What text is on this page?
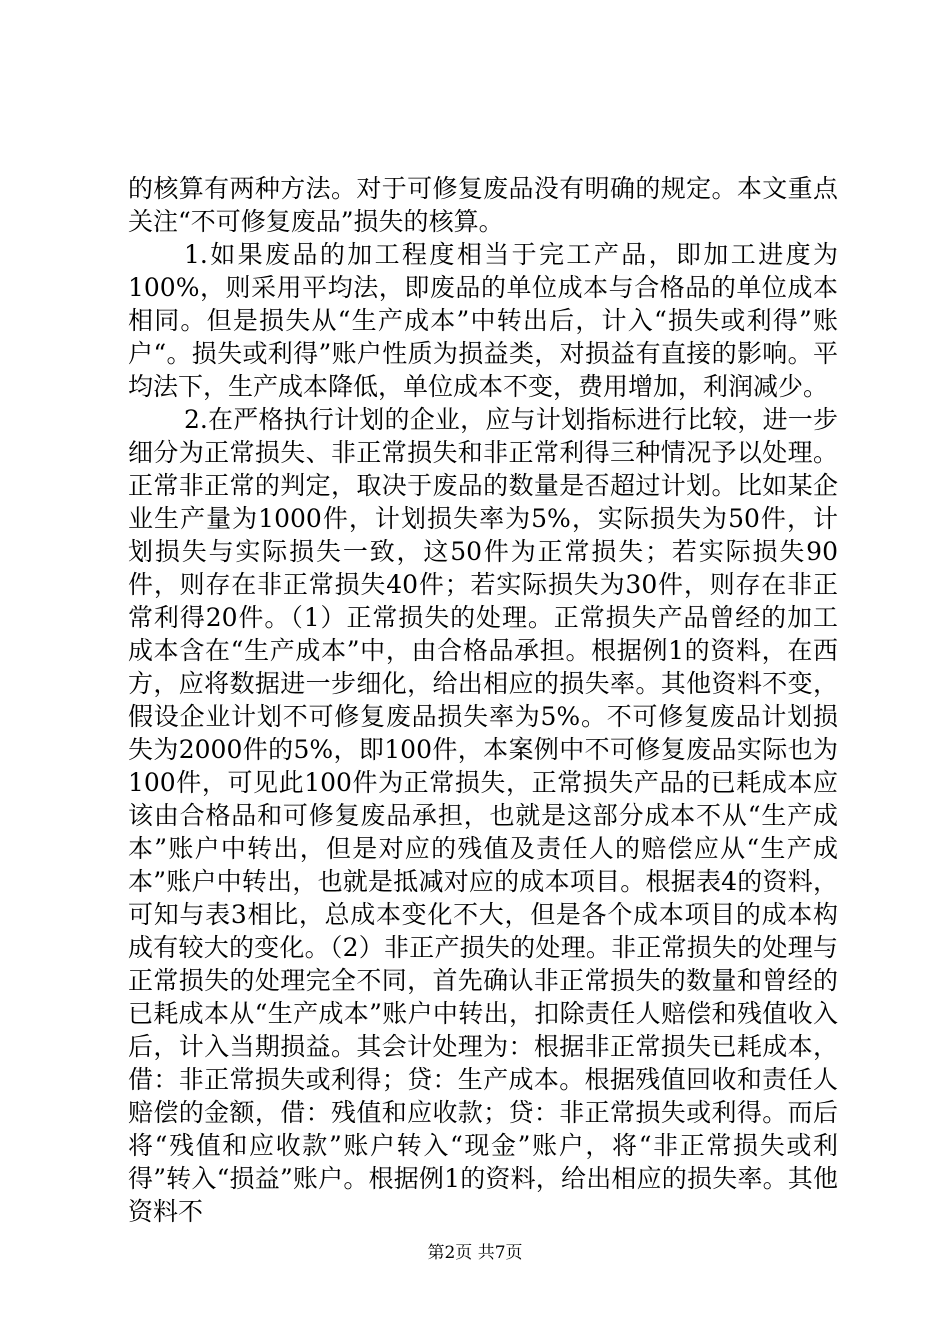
的核算有两种方法。对于可修复废品没有明确的规定。本文重点关注“不可修复废品”损失的核算。

1.如果废品的加工程度相当于完工产品，即加工进度为100%，则采用平均法，即废品的单位成本与合格品的单位成本相同。但是损失从“生产成本”中转出后，计入“损失或利得”账户“。损失或利得”账户性质为损益类，对损益有直接的影响。平均法下，生产成本降低，单位成本不变，费用增加，利润减少。

2.在严格执行计划的企业，应与计划指标进行比较，进一步细分为正常损失、非正常损失和非正常利得三种情况予以处理。正常非正常的判定，取决于废品的数量是否超过计划。比如某企业生产量为1000件，计划损失率为5%，实际损失为50件，计划损失与实际损失一致，这50件为正常损失；若实际损失90件，则存在非正常损失40件；若实际损失为30件，则存在非正常利得20件。（1）正常损失的处理。正常损失产品曾经的加工成本含在“生产成本”中，由合格品承担。根据例1的资料，在西方，应将数据进一步细化，给出相应的损失率。其他资料不变，假设企业计划不可修复废品损失率为5%。不可修复废品计划损失为2000件的5%，即100件，本案例中不可修复废品实际也为100件，可见此100件为正常损失，正常损失产品的已耗成本应该由合格品和可修复废品承担，也就是这部分成本不从“生产成本”账户中转出，但是对应的残值及责任人的赔偿应从“生产成本”账户中转出，也就是抵减对应的成本项目。根据表4的资料，可知与表3相比，总成本变化不大，但是各个成本项目的成本构成有较大的变化。（2）非正产损失的处理。非正常损失的处理与正常损失的处理完全不同，首先确认非正常损失的数量和曾经的已耗成本从“生产成本”账户中转出，扣除责任人赔偿和残值收入后，计入当期损益。其会计处理为：根据非正常损失已耗成本，借：非正常损失或利得；贷：生产成本。根据残值回收和责任人赔偿的金额，借：残值和应收款；贷：非正常损失或利得。而后将“残值和应收款”账户转入“现金”账户，将“非正常损失或利得”转入“损益”账户。根据例1的资料，给出相应的损失率。其他资料不

第2页 共7页
